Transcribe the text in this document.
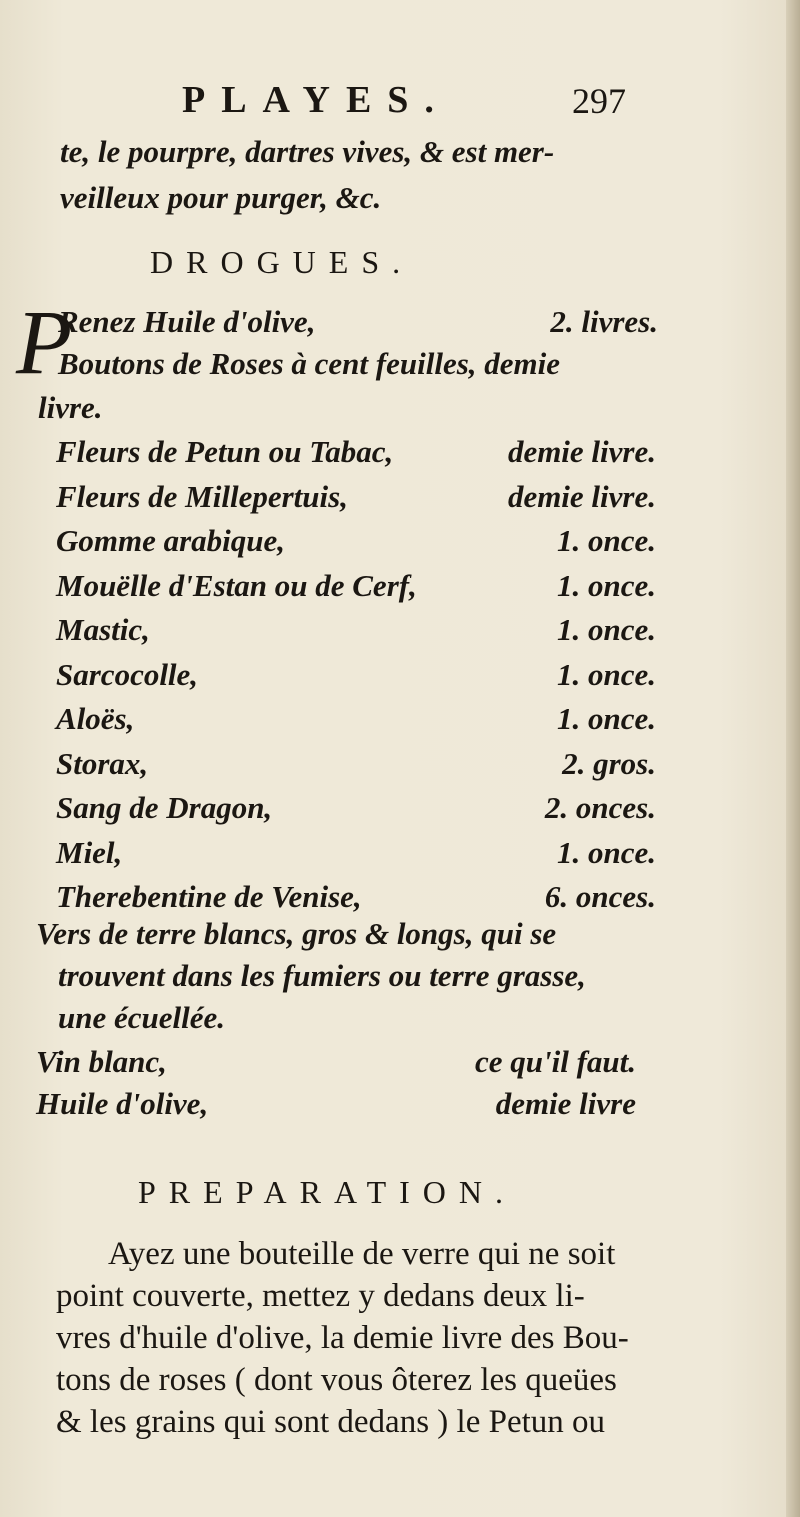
PLAYES.	297
te, le pourpre, dartres vives, & est mer-
veilleux pour purger, &c.
DROGUES.
P
Renez Huile d'olive,	2. livres.
Boutons de Roses à cent feuilles, demie
livre.
Fleurs de Petun ou Tabac,	demie livre.
Fleurs de Millepertuis,	demie livre.
Gomme arabique,	1. once.
Mouëlle d'Estan ou de Cerf,	1. once.
Mastic,	1. once.
Sarcocolle,	1. once.
Aloës,	1. once.
Storax,	2. gros.
Sang de Dragon,	2. onces.
Miel,	1. once.
Therebentine de Venise,	6. onces.
Vers de terre blancs, gros & longs, qui se
trouvent dans les fumiers ou terre grasse,
une écuellée.
Vin blanc,	ce qu'il faut.
Huile d'olive,	demie livre
PREPARATION.
Ayez une bouteille de verre qui ne soit
point couverte, mettez y dedans deux li-
vres d'huile d'olive, la demie livre des Bou-
tons de roses ( dont vous ôterez les queües
& les grains qui sont dedans ) le Petun ou
